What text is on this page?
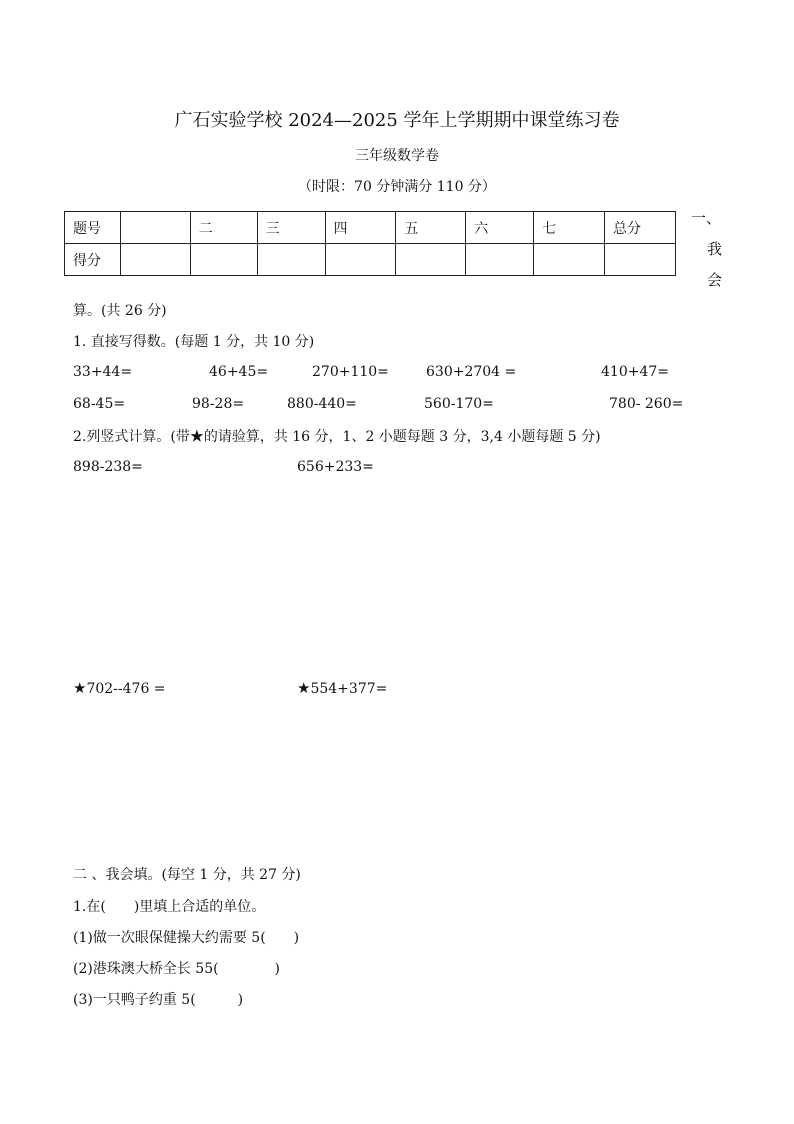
广石实验学校 2024—2025 学年上学期期中课堂练习卷
三年级数学卷
（时限：70 分钟满分 110 分）
题号		二	三	四	五	六	七	总分
得分								
一、
我
会
算。(共 26 分)
1. 直接写得数。(每题 1 分，共 10 分)
33+44=	46+45=	270+110=	630+2704 =	410+47=
68-45=	98-28=	880-440=	560-170=	780- 260=
2.列竖式计算。(带★的请验算，共 16 分，1、2 小题每题 3 分，3,4 小题每题 5 分)
898-238=	656+233=
★702--476 =	★554+377=
二 、我会填。(每空 1 分，共 27 分)
1.在(　　)里填上合适的单位。
(1)做一次眼保健操大约需要 5(　　)
(2)港珠澳大桥全长 55(　　　　)
(3)一只鸭子约重 5(　　　)
